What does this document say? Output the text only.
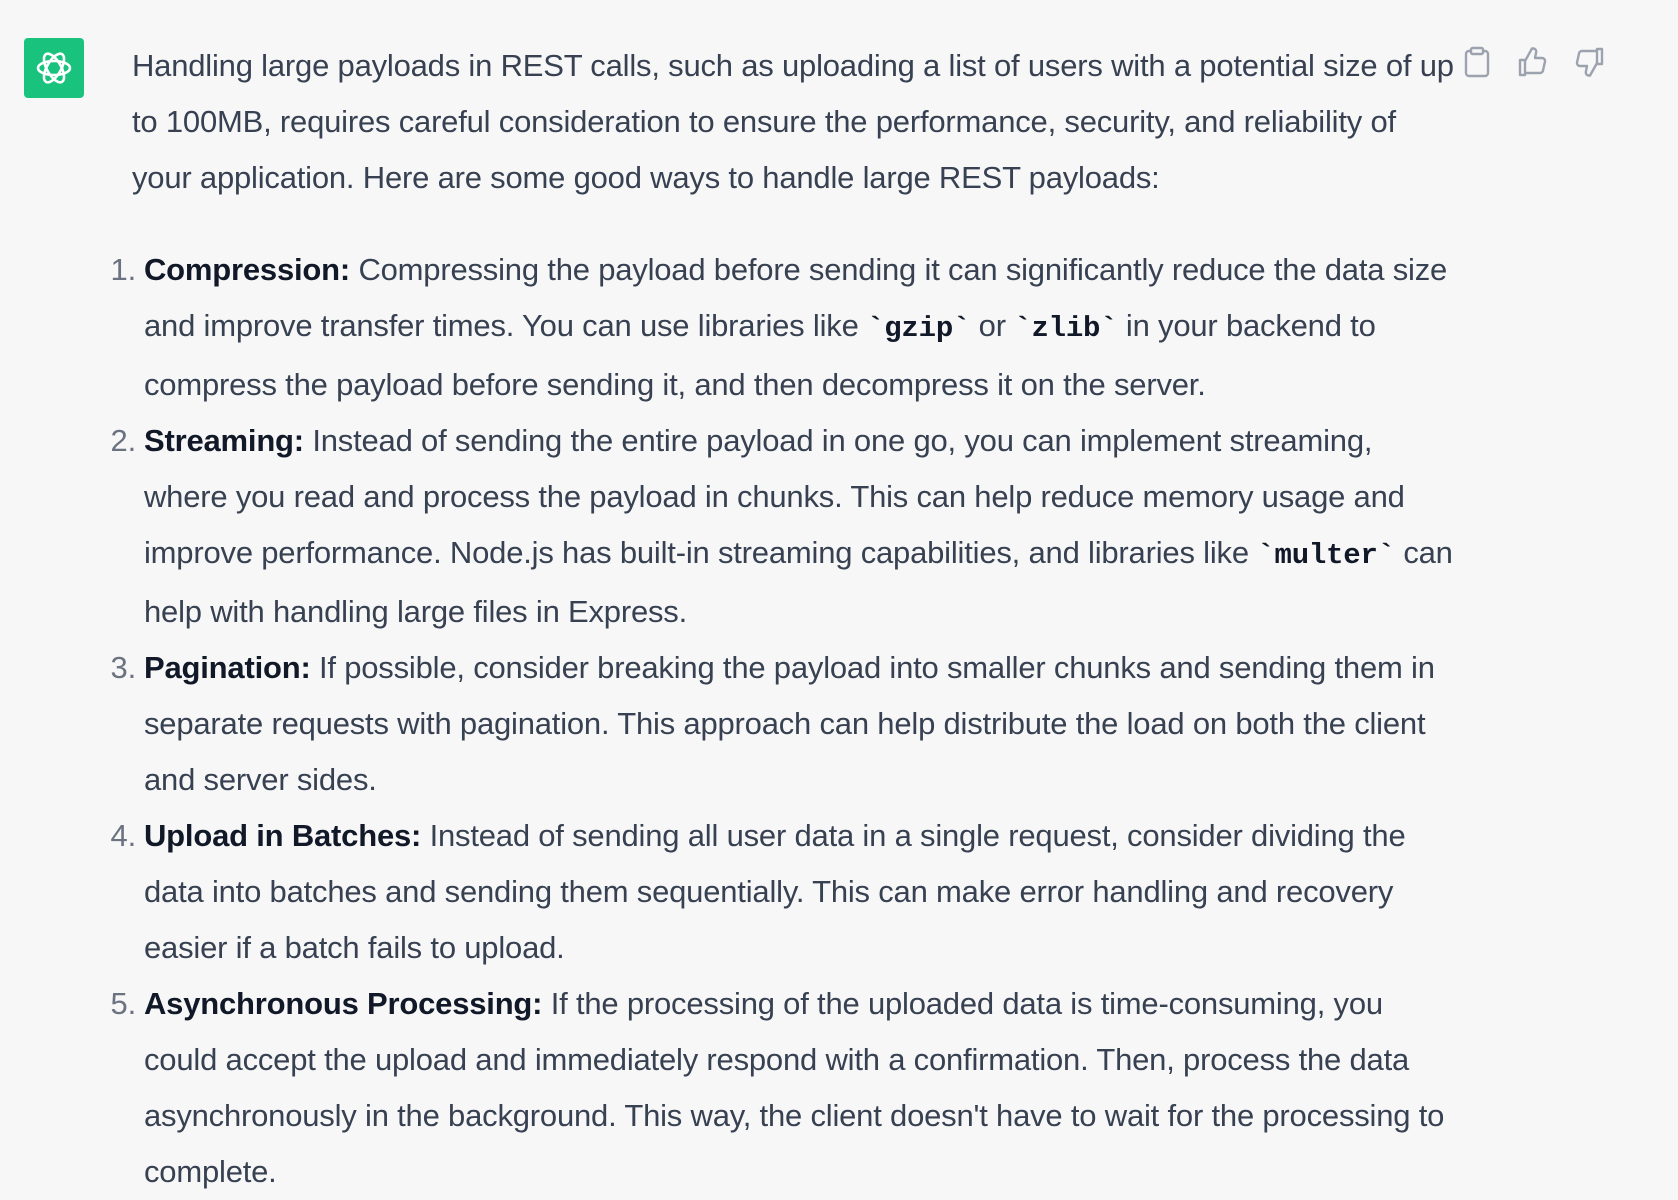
Handling large payloads in REST calls, such as uploading a list of users with a potential size of up to 100MB, requires careful consideration to ensure the performance, security, and reliability of your application. Here are some good ways to handle large REST payloads:

1. Compression: Compressing the payload before sending it can significantly reduce the data size and improve transfer times. You can use libraries like `gzip` or `zlib` in your backend to compress the payload before sending it, and then decompress it on the server.
2. Streaming: Instead of sending the entire payload in one go, you can implement streaming, where you read and process the payload in chunks. This can help reduce memory usage and improve performance. Node.js has built-in streaming capabilities, and libraries like `multer` can help with handling large files in Express.
3. Pagination: If possible, consider breaking the payload into smaller chunks and sending them in separate requests with pagination. This approach can help distribute the load on both the client and server sides.
4. Upload in Batches: Instead of sending all user data in a single request, consider dividing the data into batches and sending them sequentially. This can make error handling and recovery easier if a batch fails to upload.
5. Asynchronous Processing: If the processing of the uploaded data is time-consuming, you could accept the upload and immediately respond with a confirmation. Then, process the data asynchronously in the background. This way, the client doesn't have to wait for the processing to complete.
